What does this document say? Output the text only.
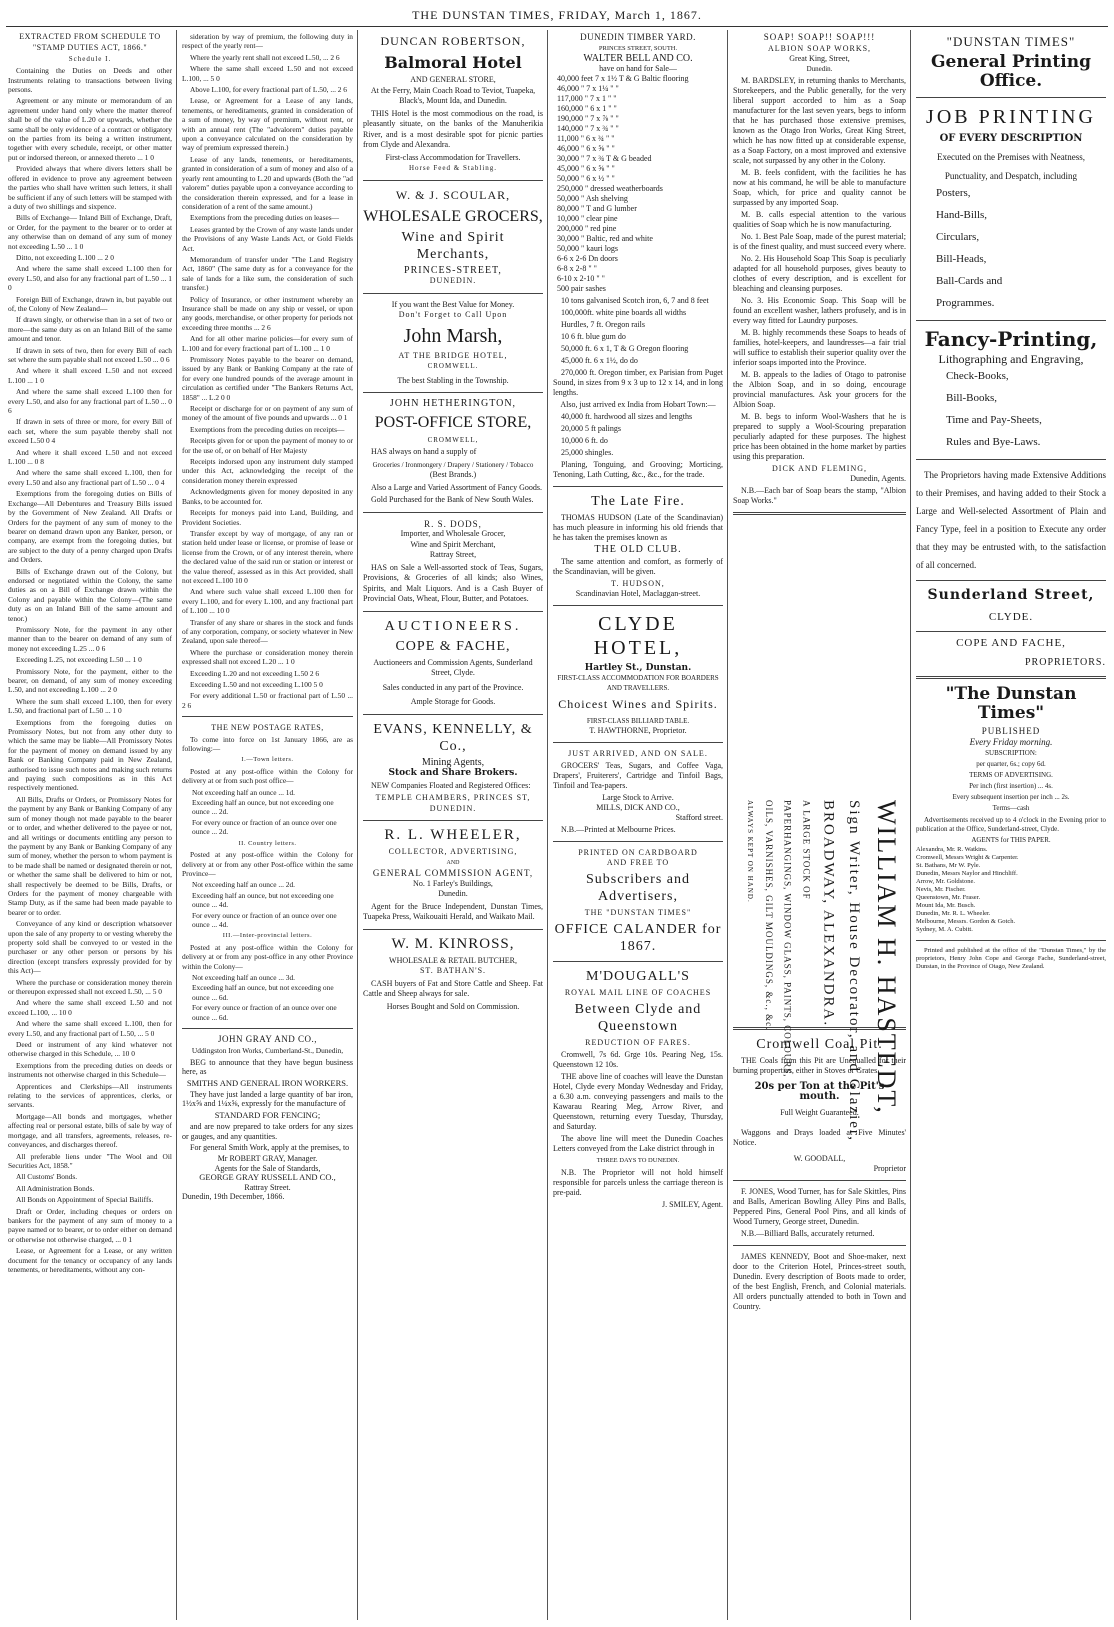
THE DUNSTAN TIMES, FRIDAY, March 1, 1867.
EXTRACTED FROM SCHEDULE TO
"STAMP DUTIES ACT, 1866."
Schedule I.
Containing the Duties on Deeds and other Instruments relating to transactions between living persons.
Agreement or any minute or memorandum of an agreement under hand only where the matter thereof shall be of the value of L.20 or upwards, whether the same shall be only evidence of a contract or obligatory on the parties from its being a written instrument, together with every schedule, receipt, or other matter put or indorsed thereon, or annexed thereto ... 1 0
Provided always that where divers letters shall be offered in evidence to prove any agreement between the parties who shall have written such letters, it shall be sufficient if any of such letters will be stamped with a duty of two shillings and sixpence.
Bills of Exchange— Inland Bill of Exchange, Draft, or Order, for the payment to the bearer or to order at any otherwise than on demand of any sum of money not exceeding L.50 ... 1 0
Ditto, not exceeding L.100 ... 2 0
And where the same shall exceed L.100 then for every L.50, and also for any fractional part of L.50 ... 1 0
Foreign Bill of Exchange, drawn in, but payable out of, the Colony of New Zealand—
If drawn singly, or otherwise than in a set of two or more—the same duty as on an Inland Bill of the same amount and tenor.
If drawn in sets of two, then for every Bill of each set where the sum payable shall not exceed L.50 ... 0 6
And where it shall exceed L.50 and not exceed L.100 ... 1 0
And where the same shall exceed L.100 then for every L.50, and also for any fractional part of L.50 ... 0 6
If drawn in sets of three or more, for every Bill of each set, where the sum payable thereby shall not exceed L.50 0 4
And where it shall exceed L.50 and not exceed L.100 ... 0 8
And where the same shall exceed L.100, then for every L.50 and also any fractional part of L.50 ... 0 4
Exemptions from the foregoing duties on Bills of Exchange—All Debentures and Treasury Bills issued by the Government of New Zealand. All Drafts or Orders for the payment of any sum of money to the bearer on demand drawn upon any Banker, person, or company, are exempt from the foregoing duties, but are subject to the duty of a penny charged upon Drafts and Orders.
Bills of Exchange drawn out of the Colony, but endorsed or negotiated within the Colony, the same duties as on a Bill of Exchange drawn within the Colony and payable within the Colony—(The same duty as on an Inland Bill of the same amount and tenor.)
Promissory Note, for the payment in any other manner than to the bearer on demand of any sum of money not exceeding L.25 ... 0 6
Exceeding L.25, not exceeding L.50 ... 1 0
Promissory Note, for the payment, either to the bearer, on demand, of any sum of money exceeding L.50, and not exceeding L.100 ... 2 0
Where the sum shall exceed L.100, then for every L.50, and fractional part of L.50 ... 1 0
Exemptions from the foregoing duties on Promissory Notes, but not from any other duty to which the same may be liable—All Promissory Notes for the payment of money on demand issued by any Bank or Banking Company paid in New Zealand, authorised to issue such notes and making such returns and paying such compositions as in this Act respectively mentioned.
All Bills, Drafts or Orders, or Promissory Notes for the payment by any Bank or Banking Company of any sum of money though not made payable to the bearer or to order, and whether delivered to the payee or not, and all writings or documents entitling any person to the payment by any Bank or Banking Company of any sum of money, whether the person to whom payment is to be made shall be named or designated therein or not, or whether the same shall be delivered to him or not, shall respectively be deemed to be Bills, Drafts, or Orders for the payment of money chargeable with Stamp Duty, as if the same had been made payable to bearer or to order.
Conveyance of any kind or description whatsoever upon the sale of any property to or vesting whereby the property sold shall be conveyed to or vested in the purchaser or any other person or persons by his direction (except transfers expressly provided for by this Act)—
Where the purchase or consideration money therein or thereupon expressed shall not exceed L.50, ... 5 0
And where the same shall exceed L.50 and not exceed L.100, ... 10 0
And where the same shall exceed L.100, then for every L.50, and any fractional part of L.50, ... 5 0
Deed or instrument of any kind whatever not otherwise charged in this Schedule, ... 10 0
Exemptions from the preceding duties on deeds or instruments not otherwise charged in this Schedule—
Apprentices and Clerkships—All instruments relating to the services of apprentices, clerks, or servants.
Mortgage—All bonds and mortgages, whether affecting real or personal estate, bills of sale by way of mortgage, and all transfers, agreements, releases, re-conveyances, and discharges thereof.
All preferable liens under "The Wool and Oil Securities Act, 1858."
All Customs' Bonds.
All Administration Bonds.
All Bonds on Appointment of Special Bailiffs.
Draft or Order, including cheques or orders on bankers for the payment of any sum of money to a payee named or to bearer, or to order either on demand or otherwise not otherwise charged, ... 0 1
Lease, or Agreement for a Lease, or any written document for the tenancy or occupancy of any lands tenements, or hereditaments, without any con-
sideration by way of premium, the following duty in respect of the yearly rent—
Where the yearly rent shall not exceed L.50, ... 2 6
Where the same shall exceed L.50 and not exceed L.100, ... 5 0
Above L.100, for every fractional part of L.50, ... 2 6
Lease, or Agreement for a Lease of any lands, tenements, or hereditaments, granted in consideration of a sum of money, by way of premium, without rent, or with an annual rent (The "advalorem" duties payable upon a conveyance calculated on the consideration by way of premium expressed therein.)
Lease of any lands, tenements, or hereditaments, granted in consideration of a sum of money and also of a yearly rent amounting to L.20 and upwards (Both the "ad valorem" duties payable upon a conveyance according to the consideration therein expressed, and for a lease in consideration of a rent of the same amount.)
Exemptions from the preceding duties on leases—
Leases granted by the Crown of any waste lands under the Provisions of any Waste Lands Act, or Gold Fields Act.
Memorandum of transfer under "The Land Registry Act, 1860" (The same duty as for a conveyance for the sale of lands for a like sum, the consideration of such transfer.)
Policy of Insurance, or other instrument whereby an Insurance shall be made on any ship or vessel, or upon any goods, merchandise, or other property for periods not exceeding three months ... 2 6
And for all other marine policies—for every sum of L.100 and for every fractional part of L.100 ... 1 0
Promissory Notes payable to the bearer on demand, issued by any Bank or Banking Company at the rate of for every one hundred pounds of the average amount in circulation as certified under "The Bankers Returns Act, 1858" ... L.2 0 0
Receipt or discharge for or on payment of any sum of money of the amount of five pounds and upwards ... 0 1
Exemptions from the preceding duties on receipts—
Receipts given for or upon the payment of money to or for the use of, or on behalf of Her Majesty
Receipts indorsed upon any instrument duly stamped under this Act, acknowledging the receipt of the consideration money therein expressed
Acknowledgments given for money deposited in any Banks, to be accounted for.
Receipts for moneys paid into Land, Building, and Provident Societies.
Transfer except by way of mortgage, of any ran or station held under lease or license, or promise of lease or license from the Crown, or of any interest therein, where the declared value of the said run or station or interest or the value thereof, assessed as in this Act provided, shall not exceed L.100 10 0
And where such value shall exceed L.100 then for every L.100, and for every L.100, and any fractional part of L.100 ... 10 0
Transfer of any share or shares in the stock and funds of any corporation, company, or society whatever in New Zealand, upon sale thereof—
Where the purchase or consideration money therein expressed shall not exceed L.20 ... 1 0
Exceeding L.20 and not exceeding L.50 2 6
Exceeding L.50 and not exceeding L.100 5 0
For every additional L.50 or fractional part of L.50 ... 2 6
THE NEW POSTAGE RATES,
To come into force on 1st January 1866, are as following:—
I.—Town letters.
Posted at any post-office within the Colony for delivery at or from such post office—
Not exceeding half an ounce ... 1d.
Exceeding half an ounce, but not exceeding one ounce ... 2d.
For every ounce or fraction of an ounce over one ounce ... 2d.
II. Country letters.
Posted at any post-office within the Colony for delivery at or from any other Post-office within the same Province—
Not exceeding half an ounce ... 2d.
Exceeding half an ounce, but not exceeding one ounce ... 4d.
For every ounce or fraction of an ounce over one ounce ... 4d.
III.—Inter-provincial letters.
Posted at any post-office within the Colony for delivery at or from any post-office in any other Province within the Colony—
Not exceeding half an ounce ... 3d.
Exceeding half an ounce, but not exceeding one ounce ... 6d.
For every ounce or fraction of an ounce over one ounce ... 6d.
JOHN GRAY AND CO.,
Uddingston Iron Works, Cumberland-St., Dunedin,
BEG to announce that they have begun business here, as
SMITHS AND GENERAL IRON WORKERS.
They have just landed a large quantity of bar iron, 1½x⅝ and 1¼x⅝, expressly for the manufacture of
STANDARD FOR FENCING;
and are now prepared to take orders for any sizes or gauges, and any quantities.
For general Smith Work, apply at the premises, to
Mr ROBERT GRAY, Manager.
Agents for the Sale of Standards,
GEORGE GRAY RUSSELL AND CO.,
Rattray Street.
Dunedin, 19th December, 1866.
DUNCAN ROBERTSON,
Balmoral Hotel
AND GENERAL STORE,
At the Ferry, Main Coach Road to Teviot, Tuapeka, Black's, Mount Ida, and Dunedin.
THIS Hotel is the most commodious on the road, is pleasantly situate, on the banks of the Manuherikia River, and is a most desirable spot for picnic parties from Clyde and Alexandra.
First-class Accommodation for Travellers.
Horse Feed & Stabling.
W. & J. SCOULAR,
WHOLESALE GROCERS,
Wine and Spirit Merchants,
PRINCES-STREET,
DUNEDIN.
If you want the Best Value for Money.
Don't Forget to Call Upon
John Marsh,
AT THE BRIDGE HOTEL,
CROMWELL.
The best Stabling in the Township.
JOHN HETHERINGTON,
POST-OFFICE STORE,
CROMWELL,
HAS always on hand a supply of
Groceries / Ironmongery / Drapery / Stationery / Tobacco
(Best Brands.)
Also a Large and Varied Assortment of Fancy Goods.
Gold Purchased for the Bank of New South Wales.
R. S. DODS,
Importer, and Wholesale Grocer,
Wine and Spirit Merchant,
Rattray Street,
HAS on Sale a Well-assorted stock of Teas, Sugars, Provisions, & Groceries of all kinds; also Wines, Spirits, and Malt Liquors. And is a Cash Buyer of Provincial Oats, Wheat, Flour, Butter, and Potatoes.
AUCTIONEERS.
COPE & FACHE,
Auctioneers and Commission Agents, Sunderland Street, Clyde.
Sales conducted in any part of the Province.
Ample Storage for Goods.
EVANS, KENNELLY, & Co.,
Mining Agents,
Stock and Share Brokers.
NEW Companies Floated and Registered Offices:
TEMPLE CHAMBERS, PRINCES ST,
DUNEDIN.
R. L. WHEELER,
COLLECTOR, ADVERTISING,
AND
GENERAL COMMISSION AGENT,
No. 1 Farley's Buildings,
Dunedin.
Agent for the Bruce Independent, Dunstan Times, Tuapeka Press, Waikouaiti Herald, and Waikato Mail.
W. M. KINROSS,
WHOLESALE & RETAIL BUTCHER,
ST. BATHAN'S.
CASH buyers of Fat and Store Cattle and Sheep. Fat Cattle and Sheep always for sale.
Horses Bought and Sold on Commission.
DUNEDIN TIMBER YARD.
PRINCES STREET, SOUTH.
WALTER BELL AND CO.
have on hand for Sale—
40,000 feet 7 x 1½ T & G Baltic flooring
46,000 " 7 x 1¼ " "
117,000 " 7 x 1 " "
160,000 " 6 x 1 " "
190,000 " 7 x ⅞ " "
140,000 " 7 x ¾ " "
11,000 " 6 x ¾ " "
46,000 " 6 x ⅝ " "
30,000 " 7 x ¾ T & G beaded
45,000 " 6 x ⅝ " "
50,000 " 6 x ½ " "
250,000 " dressed weatherboards
50,000 " Ash shelving
80,000 " T and G lumber
10,000 " clear pine
200,000 " red pine
30,000 " Baltic, red and white
50,000 " kauri logs
6-6 x 2-6 Dn doors
6-8 x 2-8 " "
6-10 x 2-10 " "
500 pair sashes
10 tons galvanised Scotch iron, 6, 7 and 8 feet
100,000ft. white pine boards all widths
Hurdles, 7 ft. Oregon rails
10 6 ft. blue gum do
50,000 ft. 6 x 1, T & G Oregon flooring
45,000 ft. 6 x 1½, do do
270,000 ft. Oregon timber, ex Parisian from Puget Sound, in sizes from 9 x 3 up to 12 x 14, and in long lengths.
Also, just arrived ex India from Hobart Town:—
40,000 ft. hardwood all sizes and lengths
20,000 5 ft palings
10,000 6 ft. do
25,000 shingles.
Planing, Tonguing, and Grooving; Morticing, Tenoning, Lath Cutting, &c., &c., for the trade.
The Late Fire.
THOMAS HUDSON (Late of the Scandinavian) has much pleasure in informing his old friends that he has taken the premises known as
THE OLD CLUB.
The same attention and comfort, as formerly of the Scandinavian, will be given.
T. HUDSON,
Scandinavian Hotel, Maclaggan-street.
CLYDE HOTEL,
Hartley St., Dunstan.
FIRST-CLASS ACCOMMODATION FOR BOARDERS AND TRAVELLERS.
Choicest Wines and Spirits.
FIRST-CLASS BILLIARD TABLE.
T. HAWTHORNE, Proprietor.
JUST ARRIVED, AND ON SALE.
GROCERS' Teas, Sugars, and Coffee Vaga, Drapers', Fruiterers', Cartridge and Tinfoil Bags, Tinfoil and Tea-papers.
Large Stock to Arrive.
MILLS, DICK AND CO.,
Stafford street.
N.B.—Printed at Melbourne Prices.
PRINTED ON CARDBOARD
AND FREE TO
Subscribers and Advertisers,
THE "DUNSTAN TIMES"
OFFICE CALANDER for 1867.
M'DOUGALL'S
ROYAL MAIL LINE OF COACHES
Between Clyde and Queenstown
REDUCTION OF FARES.
Cromwell, 7s 6d. Grge 10s. Pearing Neg, 15s. Queenstown 12 10s.
THE above line of coaches will leave the Dunstan Hotel, Clyde every Monday Wednesday and Friday, a 6.30 a.m. conveying passengers and mails to the Kawarau Rearing Meg, Arrow River, and Queenstown, returning every Tuesday, Thursday, and Saturday.
The above line will meet the Dunedin Coaches Letters conveyed from the Lake district through in
THREE DAYS TO DUNEDIN.
N.B. The Proprietor will not hold himself responsible for parcels unless the carriage thereon is pre-paid.
J. SMILEY, Agent.
SOAP! SOAP!! SOAP!!!
ALBION SOAP WORKS,
Great King, Street,
Dunedin.
M. BARDSLEY, in returning thanks to Merchants, Storekeepers, and the Public generally, for the very liberal support accorded to him as a Soap manufacturer for the last seven years, begs to inform that he has purchased those extensive premises, known as the Otago Iron Works, Great King Street, which he has now fitted up at considerable expense, as a Soap Factory, on a most improved and extensive scale, not surpassed by any other in the Colony.
M. B. feels confident, with the facilities he has now at his command, he will be able to manufacture Soap, which, for price and quality cannot be surpassed by any imported Soap.
M. B. calls especial attention to the various qualities of Soap which he is now manufacturing.
No. 1. Best Pale Soap, made of the purest material; is of the finest quality, and must succeed every where.
No. 2. His Household Soap This Soap is peculiarly adapted for all household purposes, gives beauty to clothes of every description, and is excellent for bleaching and cleansing purposes.
No. 3. His Economic Soap. This Soap will be found an excellent washer, lathers profusely, and is in every way fitted for Laundry purposes.
M. B. highly recommends these Soaps to heads of families, hotel-keepers, and laundresses—a fair trial will suffice to establish their superior quality over the inferior soaps imported into the Province.
M. B. appeals to the ladies of Otago to patronise the Albion Soap, and in so doing, encourage provincial manufactures. Ask your grocers for the Albion Soap.
M. B. begs to inform Wool-Washers that he is prepared to supply a Wool-Scouring preparation peculiarly adapted for these purposes. The highest price has been obtained in the home market by parties using this preparation.
DICK AND FLEMING,
Dunedin, Agents.
N.B.—Each bar of Soap bears the stamp, "Albion Soap Works."
Cromwell Coal Pit.
THE Coals from this Pit are Unequalled for their burning properties, either in Stoves or Grates.
20s per Ton at the Pit's mouth.
Full Weight Guaranteed.
Waggons and Drays loaded at Five Minutes' Notice.
W. GOODALL,
Proprietor
F. JONES, Wood Turner, has for Sale Skittles, Pins and Balls, American Bowling Alley Pins and Balls, Peppered Pins, General Pool Pins, and all kinds of Wood Turnery, George street, Dunedin.
N.B.—Billiard Balls, accurately returned.
JAMES KENNEDY, Boot and Shoe-maker, next door to the Criterion Hotel, Princes-street south, Dunedin. Every description of Boots made to order, of the best English, French, and Colonial materials. All orders punctually attended to both in Town and Country.
WILLIAM H. HASTEDT,
Sign Writer, House Decorator, and Glazier,
BROADWAY, ALEXANDRA.
A LARGE STOCK OF
PAPERHANGINGS, WINDOW GLASS, PAINTS, COLOURS,
OILS, VARNISHES, GILT MOULDINGS, &c., &c.
ALWAYS KEPT ON HAND.
"DUNSTAN TIMES"
General Printing Office.
JOB PRINTING
OF EVERY DESCRIPTION
Executed on the Premises with Neatness,
Punctuality, and Despatch, including
Posters,
Hand-Bills,
Circulars,
Bill-Heads,
Ball-Cards and
Programmes.
Fancy-Printing,
Lithographing and Engraving,
Check-Books,
Bill-Books,
Time and Pay-Sheets,
Rules and Bye-Laws.
The Proprietors having made Extensive Additions to their Premises, and having added to their Stock a Large and Well-selected Assortment of Plain and Fancy Type, feel in a position to Execute any order that they may be entrusted with, to the satisfaction of all concerned.
Sunderland Street,
CLYDE.
COPE AND FACHE,
PROPRIETORS.
"The Dunstan Times"
PUBLISHED
Every Friday morning.
SUBSCRIPTION:
per quarter, 6s.; copy 6d.
TERMS OF ADVERTISING.
Per inch (first insertion) ... 4s.
Every subsequent insertion per inch ... 2s.
Terms—cash
Advertisements received up to 4 o'clock in the Evening prior to publication at the Office, Sunderland-street, Clyde.
AGENTS for THIS PAPER.
Alexandra, Mr. R. Watkins.
Cromwell, Messrs Wright & Carpenter.
St. Bathans, Mr W. Pyle.
Dunedin, Messrs Naylor and Hinchliff.
Arrow, Mr. Goldstone.
Nevis, Mr. Fischer.
Queenstown, Mr. Fraser.
Mount Ida, Mr. Busch.
Dunedin, Mr. R. L. Wheeler.
Melbourne, Messrs. Gordon & Gotch.
Sydney, M. A. Cubitt.
Printed and published at the office of the "Dunstan Times," by the proprietors, Henry John Cope and George Fache, Sunderland-street, Dunstan, in the Province of Otago, New Zealand.
